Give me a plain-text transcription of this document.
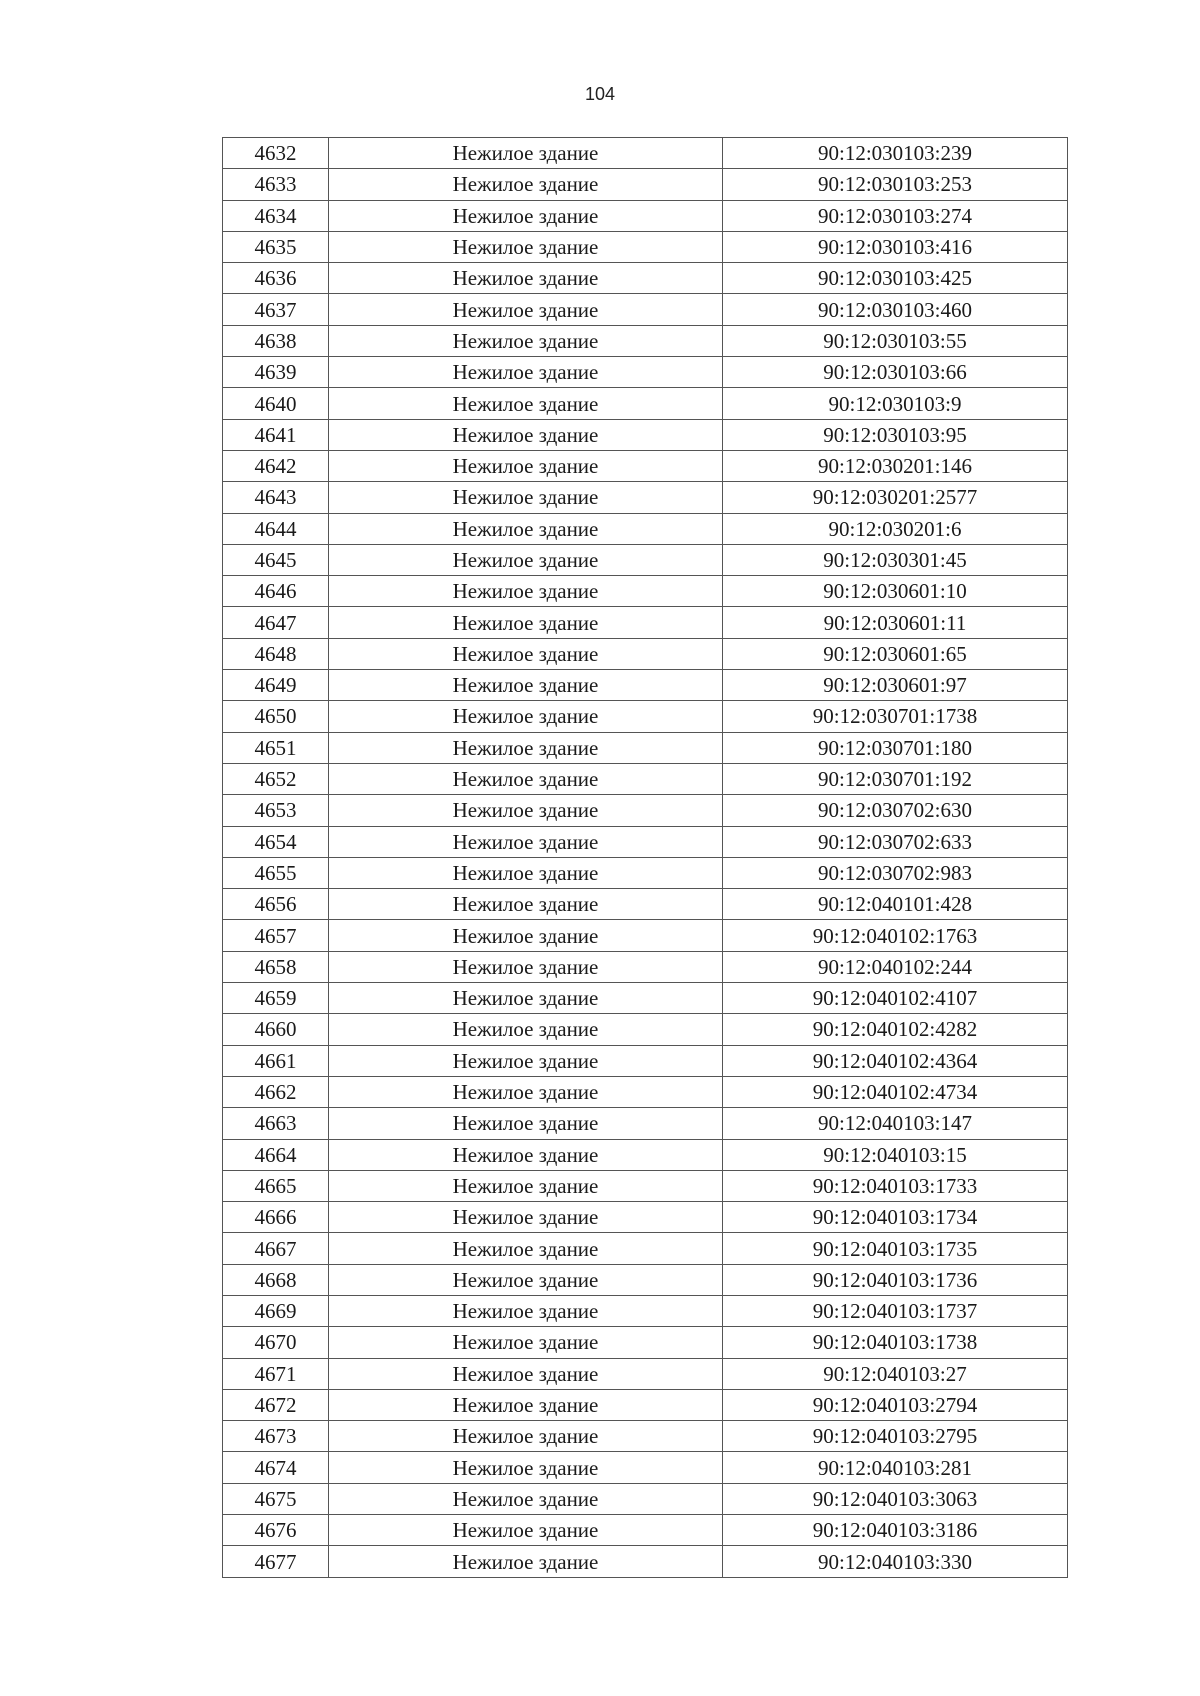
104
4632	Нежилое здание	90:12:030103:239
4633	Нежилое здание	90:12:030103:253
4634	Нежилое здание	90:12:030103:274
4635	Нежилое здание	90:12:030103:416
4636	Нежилое здание	90:12:030103:425
4637	Нежилое здание	90:12:030103:460
4638	Нежилое здание	90:12:030103:55
4639	Нежилое здание	90:12:030103:66
4640	Нежилое здание	90:12:030103:9
4641	Нежилое здание	90:12:030103:95
4642	Нежилое здание	90:12:030201:146
4643	Нежилое здание	90:12:030201:2577
4644	Нежилое здание	90:12:030201:6
4645	Нежилое здание	90:12:030301:45
4646	Нежилое здание	90:12:030601:10
4647	Нежилое здание	90:12:030601:11
4648	Нежилое здание	90:12:030601:65
4649	Нежилое здание	90:12:030601:97
4650	Нежилое здание	90:12:030701:1738
4651	Нежилое здание	90:12:030701:180
4652	Нежилое здание	90:12:030701:192
4653	Нежилое здание	90:12:030702:630
4654	Нежилое здание	90:12:030702:633
4655	Нежилое здание	90:12:030702:983
4656	Нежилое здание	90:12:040101:428
4657	Нежилое здание	90:12:040102:1763
4658	Нежилое здание	90:12:040102:244
4659	Нежилое здание	90:12:040102:4107
4660	Нежилое здание	90:12:040102:4282
4661	Нежилое здание	90:12:040102:4364
4662	Нежилое здание	90:12:040102:4734
4663	Нежилое здание	90:12:040103:147
4664	Нежилое здание	90:12:040103:15
4665	Нежилое здание	90:12:040103:1733
4666	Нежилое здание	90:12:040103:1734
4667	Нежилое здание	90:12:040103:1735
4668	Нежилое здание	90:12:040103:1736
4669	Нежилое здание	90:12:040103:1737
4670	Нежилое здание	90:12:040103:1738
4671	Нежилое здание	90:12:040103:27
4672	Нежилое здание	90:12:040103:2794
4673	Нежилое здание	90:12:040103:2795
4674	Нежилое здание	90:12:040103:281
4675	Нежилое здание	90:12:040103:3063
4676	Нежилое здание	90:12:040103:3186
4677	Нежилое здание	90:12:040103:330
